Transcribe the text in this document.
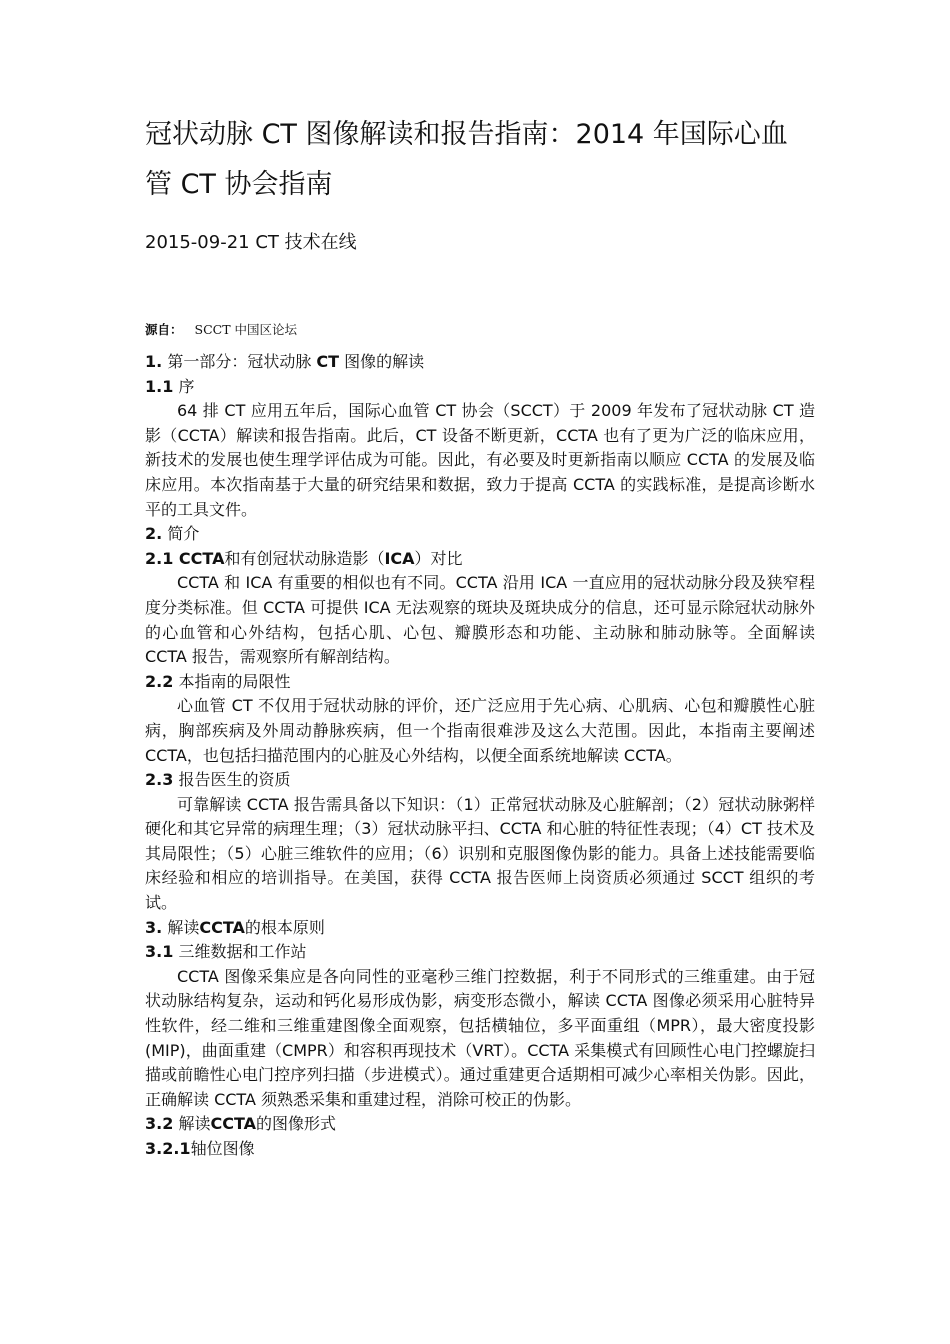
冠状动脉 CT 图像解读和报告指南：2014 年国际心血
管 CT 协会指南
2015-09-21 CT 技术在线
源自： SCCT 中国区论坛
1. 第一部分：冠状动脉 CT 图像的解读
1.1 序

64 排 CT 应用五年后，国际心血管 CT 协会（SCCT）于 2009 年发布了冠状动脉 CT 造影（CCTA）解读和报告指南。此后，CT 设备不断更新，CCTA 也有了更为广泛的临床应用，新技术的发展也使生理学评估成为可能。因此，有必要及时更新指南以顺应 CCTA 的发展及临床应用。本次指南基于大量的研究结果和数据，致力于提高 CCTA 的实践标准，是提高诊断水平的工具文件。

2. 简介
2.1 CCTA和有创冠状动脉造影（ICA）对比

CCTA 和 ICA 有重要的相似也有不同。CCTA 沿用 ICA 一直应用的冠状动脉分段及狭窄程度分类标准。但 CCTA 可提供 ICA 无法观察的斑块及斑块成分的信息，还可显示除冠状动脉外的心血管和心外结构，包括心肌、心包、瓣膜形态和功能、主动脉和肺动脉等。全面解读 CCTA 报告，需观察所有解剖结构。

2.2 本指南的局限性

心血管 CT 不仅用于冠状动脉的评价，还广泛应用于先心病、心肌病、心包和瓣膜性心脏病，胸部疾病及外周动静脉疾病，但一个指南很难涉及这么大范围。因此，本指南主要阐述 CCTA，也包括扫描范围内的心脏及心外结构，以便全面系统地解读 CCTA。

2.3 报告医生的资质

可靠解读 CCTA 报告需具备以下知识：（1）正常冠状动脉及心脏解剖；（2）冠状动脉粥样硬化和其它异常的病理生理；（3）冠状动脉平扫、CCTA 和心脏的特征性表现；（4）CT 技术及其局限性；（5）心脏三维软件的应用；（6）识别和克服图像伪影的能力。具备上述技能需要临床经验和相应的培训指导。在美国，获得 CCTA 报告医师上岗资质必须通过 SCCT 组织的考试。

3. 解读CCTA的根本原则
3.1 三维数据和工作站

CCTA 图像采集应是各向同性的亚毫秒三维门控数据，利于不同形式的三维重建。由于冠状动脉结构复杂，运动和钙化易形成伪影，病变形态微小，解读 CCTA 图像必须采用心脏特异性软件，经二维和三维重建图像全面观察，包括横轴位，多平面重组（MPR），最大密度投影(MIP)，曲面重建（CMPR）和容积再现技术（VRT）。CCTA 采集模式有回顾性心电门控螺旋扫描或前瞻性心电门控序列扫描（步进模式）。通过重建更合适期相可减少心率相关伪影。因此，正确解读 CCTA 须熟悉采集和重建过程，消除可校正的伪影。

3.2 解读CCTA的图像形式
3.2.1轴位图像
